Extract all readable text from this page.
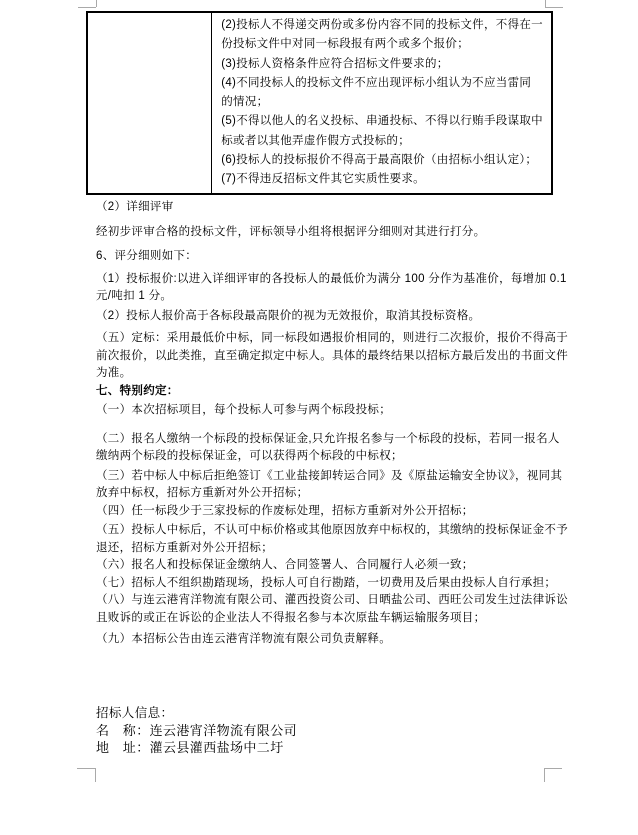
(2)投标人不得递交两份或多份内容不同的投标文件，不得在一
份投标文件中对同一标段报有两个或多个报价；
(3)投标人资格条件应符合招标文件要求的；
(4)不同投标人的投标文件不应出现评标小组认为不应当雷同
的情况；
(5)不得以他人的名义投标、串通投标、不得以行贿手段谋取中
标或者以其他弄虚作假方式投标的；
(6)投标人的投标报价不得高于最高限价（由招标小组认定）；
(7)不得违反招标文件其它实质性要求。
（2）详细评审
经初步评审合格的投标文件，评标领导小组将根据评分细则对其进行打分。
6、评分细则如下：
（1）投标报价:以进入详细评审的各投标人的最低价为满分 100 分作为基准价，每增加 0.1
元/吨扣 1 分。
（2）投标人报价高于各标段最高限价的视为无效报价，取消其投标资格。
（五）定标：采用最低价中标，同一标段如遇报价相同的，则进行二次报价，报价不得高于
前次报价，以此类推，直至确定拟定中标人。具体的最终结果以招标方最后发出的书面文件
为准。
七、特别约定：
（一）本次招标项目，每个投标人可参与两个标段投标；
（二）报名人缴纳一个标段的投标保证金,只允许报名参与一个标段的投标，若同一报名人
缴纳两个标段的投标保证金，可以获得两个标段的中标权；
（三）若中标人中标后拒绝签订《工业盐接卸转运合同》及《原盐运输安全协议》，视同其
放弃中标权，招标方重新对外公开招标；
（四）任一标段少于三家投标的作废标处理，招标方重新对外公开招标；
（五）投标人中标后，不认可中标价格或其他原因放弃中标权的，其缴纳的投标保证金不予
退还，招标方重新对外公开招标；
（六）报名人和投标保证金缴纳人、合同签署人、合同履行人必须一致；
（七）招标人不组织勘踏现场，投标人可自行勘踏，一切费用及后果由投标人自行承担；
（八）与连云港宵洋物流有限公司、灌西投资公司、日晒盐公司、西旺公司发生过法律诉讼
且败诉的或正在诉讼的企业法人不得报名参与本次原盐车辆运输服务项目；
（九）本招标公告由连云港宵洋物流有限公司负责解释。
招标人信息：
名　称：连云港宵洋物流有限公司
地　址：灌云县灌西盐场中二圩
